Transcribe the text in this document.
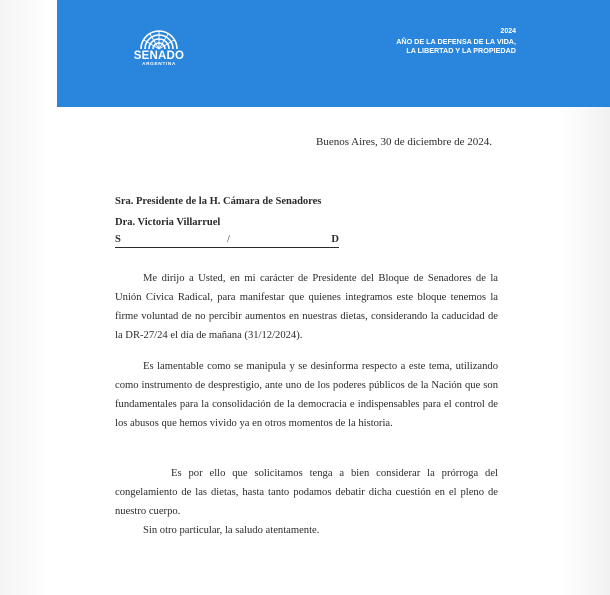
SENADO
ARGENTINA
2024
AÑO DE LA DEFENSA DE LA VIDA,
LA LIBERTAD Y LA PROPIEDAD
Buenos Aires, 30 de diciembre de 2024.
Sra. Presidente de la H. Cámara de Senadores
Dra. Victoria Villarruel
S	/	D

Me dirijo a Usted, en mi carácter de Presidente del Bloque de Senadores de la Unión Cívica Radical, para manifestar que quienes integramos este bloque tenemos la firme voluntad de no percibir aumentos en nuestras dietas, considerando la caducidad de la DR-27/24 el día de mañana (31/12/2024).

Es lamentable como se manipula y se desinforma respecto a este tema, utilizando como instrumento de desprestigio, ante uno de los poderes públicos de la Nación que son fundamentales para la consolidación de la democracia e indispensables para el control de los abusos que hemos vivido ya en otros momentos de la historia.

Es por ello que solicitamos tenga a bien considerar la prórroga del congelamiento de las dietas, hasta tanto podamos debatir dicha cuestión en el pleno de nuestro cuerpo.

Sin otro particular, la saludo atentamente.
